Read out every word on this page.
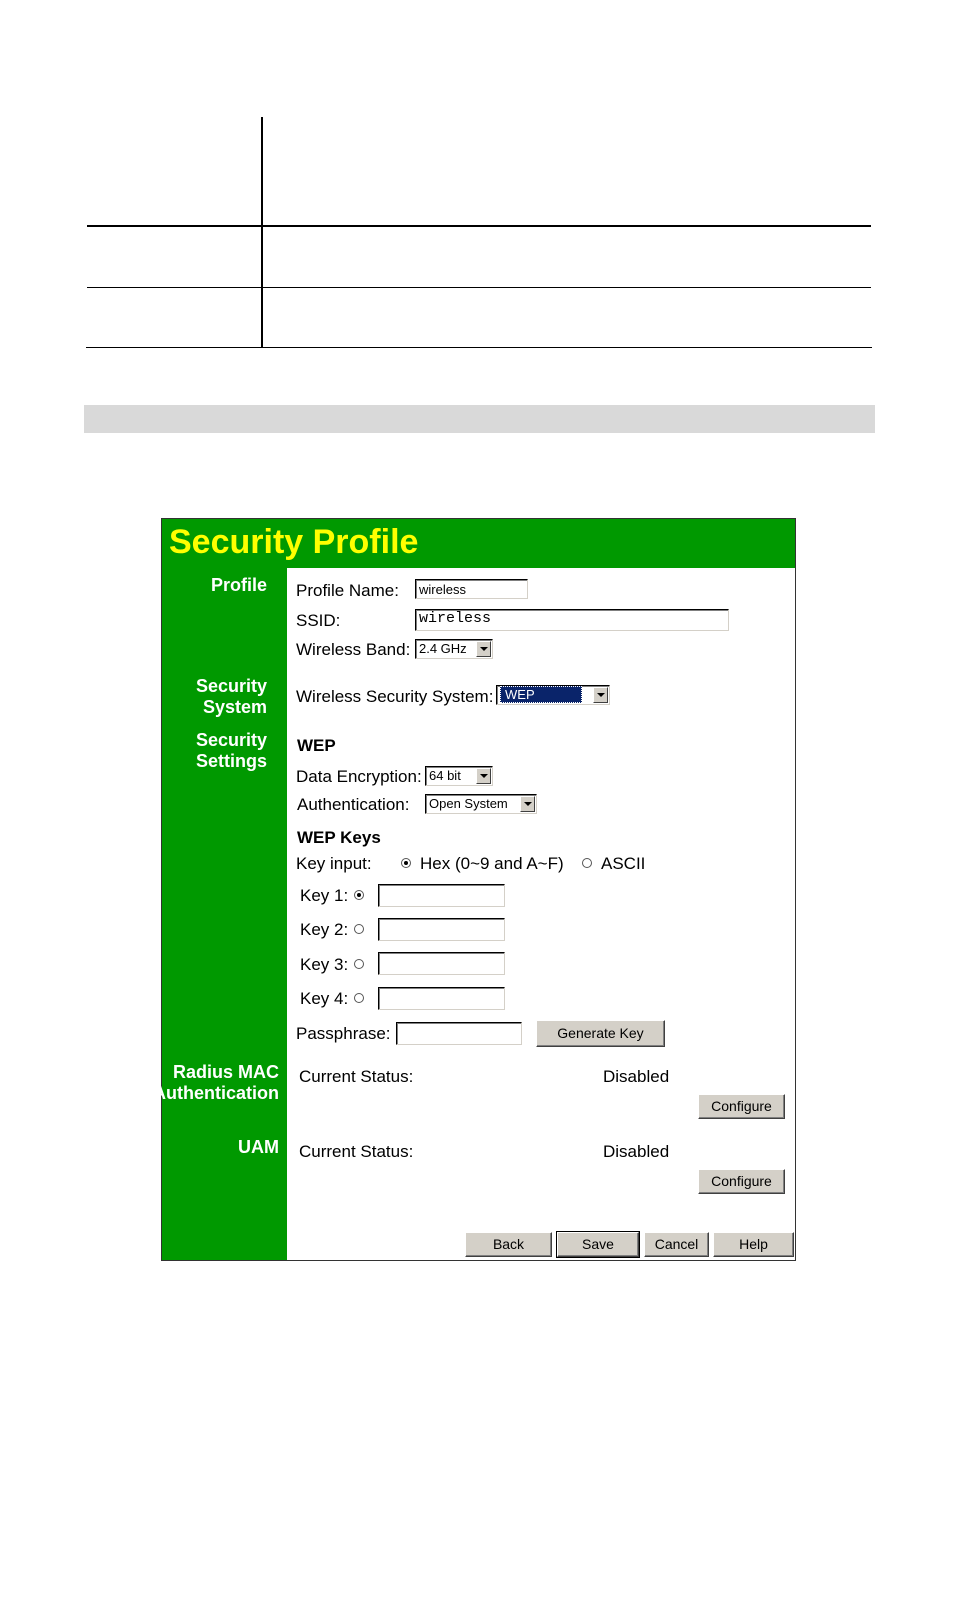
Security Profile
Profile
Security
System
Security
Settings
Radius MAC
Authentication
UAM
Profile Name:	wireless
SSID:	wireless
Wireless Band: 2.4 GHz
Wireless Security System: WEP
WEP
Data Encryption: 64 bit
Authentication: Open System
WEP Keys
Key input:	Hex (0~9 and A~F) ASCII
Key 1:
Key 2:
Key 3:
Key 4:
Passphrase:	Generate Key
Current Status:	Disabled
Configure
Current Status:	Disabled
Configure
Back	Save	Cancel	Help
